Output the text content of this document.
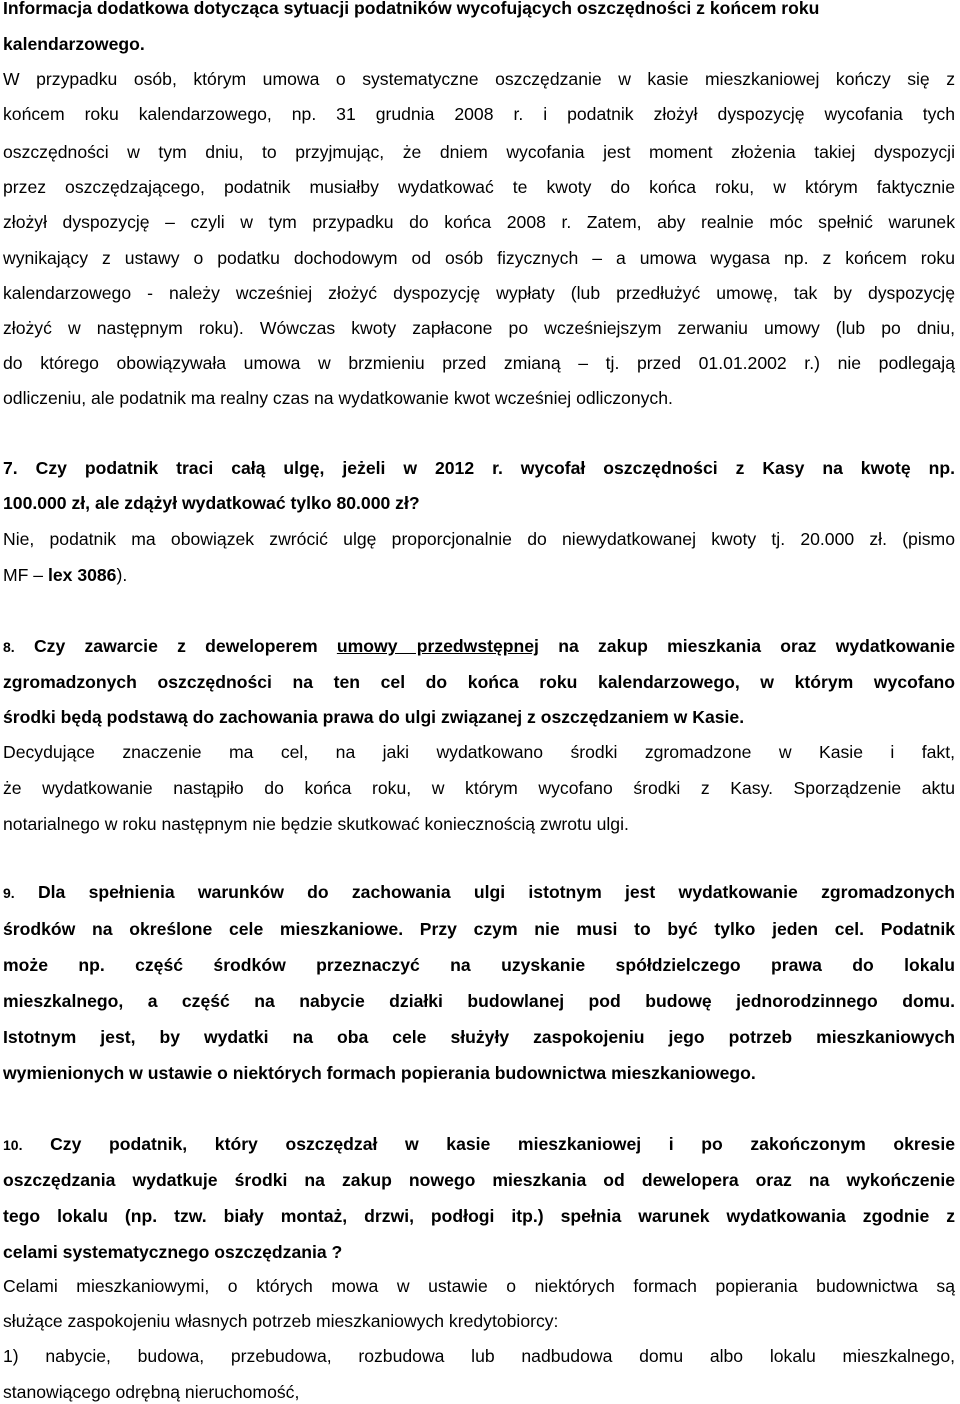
Informacja dodatkowa dotycząca sytuacji podatników wycofujących oszczędności z końcem roku
kalendarzowego.
W przypadku osób, którym umowa o systematyczne oszczędzanie w kasie mieszkaniowej kończy się z
końcem roku kalendarzowego, np. 31 grudnia 2008 r. i podatnik złożył dyspozycję wycofania tych
oszczędności w tym dniu, to przyjmując, że dniem wycofania jest moment złożenia takiej dyspozycji
przez oszczędzającego, podatnik musiałby wydatkować te kwoty do końca roku, w którym faktycznie
złożył dyspozycję – czyli w tym przypadku do końca 2008 r. Zatem, aby realnie móc spełnić warunek
wynikający z ustawy o podatku dochodowym od osób fizycznych – a umowa wygasa np. z końcem roku
kalendarzowego - należy wcześniej złożyć dyspozycję wypłaty (lub przedłużyć umowę, tak by dyspozycję
złożyć w następnym roku). Wówczas kwoty zapłacone po wcześniejszym zerwaniu umowy (lub po dniu,
do którego obowiązywała umowa w brzmieniu przed zmianą – tj. przed 01.01.2002 r.) nie podlegają
odliczeniu, ale podatnik ma realny czas na wydatkowanie kwot wcześniej odliczonych.
7. Czy podatnik traci całą ulgę, jeżeli w 2012 r. wycofał oszczędności z Kasy na kwotę np.
100.000 zł, ale zdążył wydatkować tylko 80.000 zł?
Nie, podatnik ma obowiązek zwrócić ulgę proporcjonalnie do niewydatkowanej kwoty tj. 20.000 zł. (pismo
MF – lex 3086).
8. Czy zawarcie z deweloperem umowy przedwstępnej na zakup mieszkania oraz wydatkowanie
zgromadzonych oszczędności na ten cel do końca roku kalendarzowego, w którym wycofano
środki będą podstawą do zachowania prawa do ulgi związanej z oszczędzaniem w Kasie.
Decydujące znaczenie ma cel, na jaki wydatkowano środki zgromadzone w Kasie i fakt,
że wydatkowanie nastąpiło do końca roku, w którym wycofano środki z Kasy. Sporządzenie aktu
notarialnego w roku następnym nie będzie skutkować koniecznością zwrotu ulgi.
9. Dla spełnienia warunków do zachowania ulgi istotnym jest wydatkowanie zgromadzonych
środków na określone cele mieszkaniowe. Przy czym nie musi to być tylko jeden cel. Podatnik
może np. część środków przeznaczyć na uzyskanie spółdzielczego prawa do lokalu
mieszkalnego, a część na nabycie działki budowlanej pod budowę jednorodzinnego domu.
Istotnym jest, by wydatki na oba cele służyły zaspokojeniu jego potrzeb mieszkaniowych
wymienionych w ustawie o niektórych formach popierania budownictwa mieszkaniowego.
10. Czy podatnik, który oszczędzał w kasie mieszkaniowej i po zakończonym okresie
oszczędzania wydatkuje środki na zakup nowego mieszkania od dewelopera oraz na wykończenie
tego lokalu (np. tzw. biały montaż, drzwi, podłogi itp.) spełnia warunek wydatkowania zgodnie z
celami systematycznego oszczędzania ?
Celami mieszkaniowymi, o których mowa w ustawie o niektórych formach popierania budownictwa są
służące zaspokojeniu własnych potrzeb mieszkaniowych kredytobiorcy:
1) nabycie, budowa, przebudowa, rozbudowa lub nadbudowa domu albo lokalu mieszkalnego,
stanowiącego odrębną nieruchomość,
